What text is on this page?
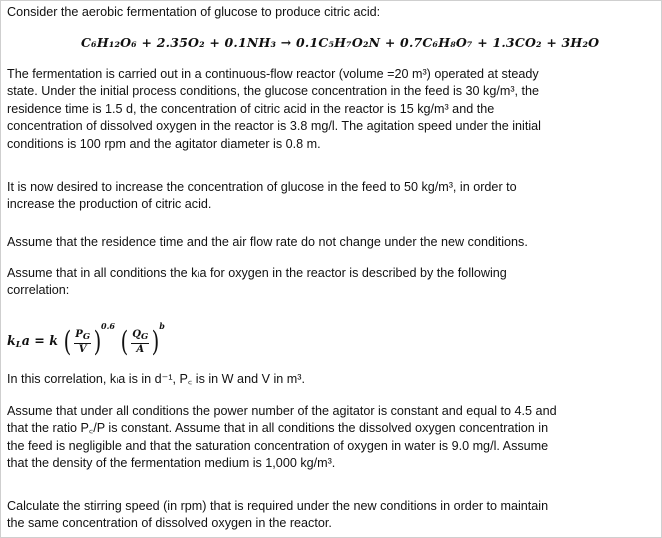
Consider the aerobic fermentation of glucose to produce citric acid:
C₆H₁₂O₆ + 2.35O₂ + 0.1NH₃ → 0.1C₅H₇O₂N + 0.7C₆H₈O₇ + 1.3CO₂ + 3H₂O
The fermentation is carried out in a continuous-flow reactor (volume =20 m³) operated at steady
state. Under the initial process conditions, the glucose concentration in the feed is 30 kg/m³, the
residence time is 1.5 d, the concentration of citric acid in the reactor is 15 kg/m³ and the
concentration of dissolved oxygen in the reactor is 3.8 mg/l. The agitation speed under the initial
conditions is 100 rpm and the agitator diameter is 0.8 m.
It is now desired to increase the concentration of glucose in the feed to 50 kg/m³, in order to
increase the production of citric acid.
Assume that the residence time and the air flow rate do not change under the new conditions.
Assume that in all conditions the kₗa for oxygen in the reactor is described by the following
correlation:
kLa = k ( $\frac{P_G}{V} )0.6$ ( $\frac{Q_G}{A} )b$
In this correlation, kₗa is in d⁻¹, P꜀ is in W and V in m³.
Assume that under all conditions the power number of the agitator is constant and equal to 4.5 and
that the ratio P꜀/P is constant. Assume that in all conditions the dissolved oxygen concentration in
the feed is negligible and that the saturation concentration of oxygen in water is 9.0 mg/l. Assume
that the density of the fermentation medium is 1,000 kg/m³.
Calculate the stirring speed (in rpm) that is required under the new conditions in order to maintain
the same concentration of dissolved oxygen in the reactor.
